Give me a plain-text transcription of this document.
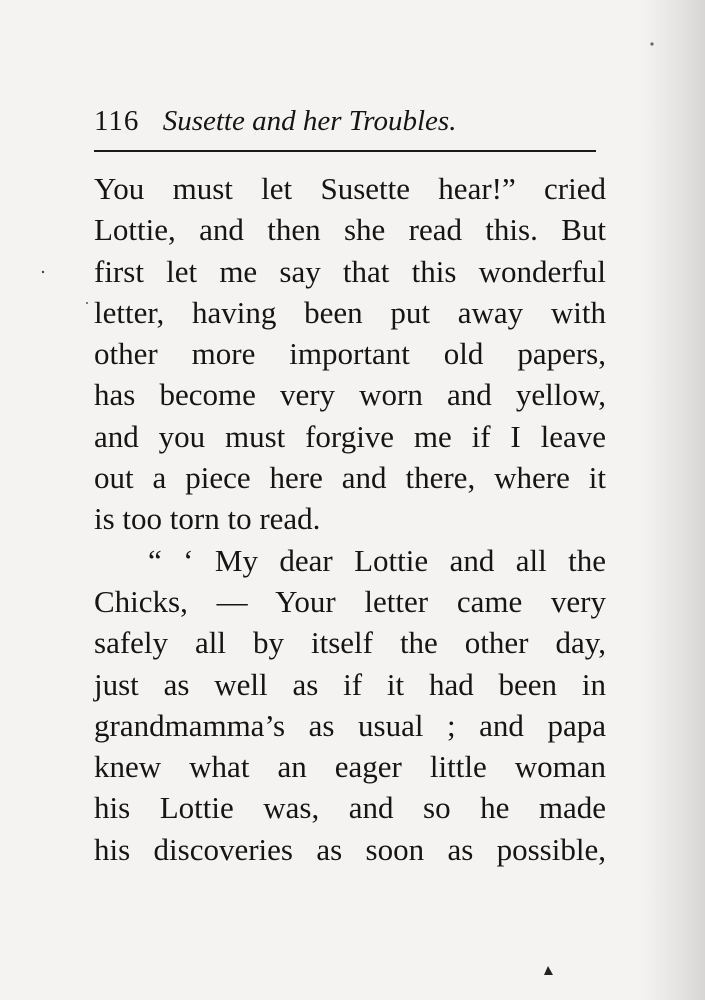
116 Susette and her Troubles.
You must let Susette hear!” cried
Lottie, and then she read this. But
first let me say that this wonderful
letter, having been put away with
other more important old papers,
has become very worn and yellow,
and you must forgive me if I leave
out a piece here and there, where it
is too torn to read.
“ ‘ My dear Lottie and all the
Chicks, — Your letter came very
safely all by itself the other day,
just as well as if it had been in
grandmamma’s as usual ; and papa
knew what an eager little woman
his Lottie was, and so he made
his discoveries as soon as possible,
